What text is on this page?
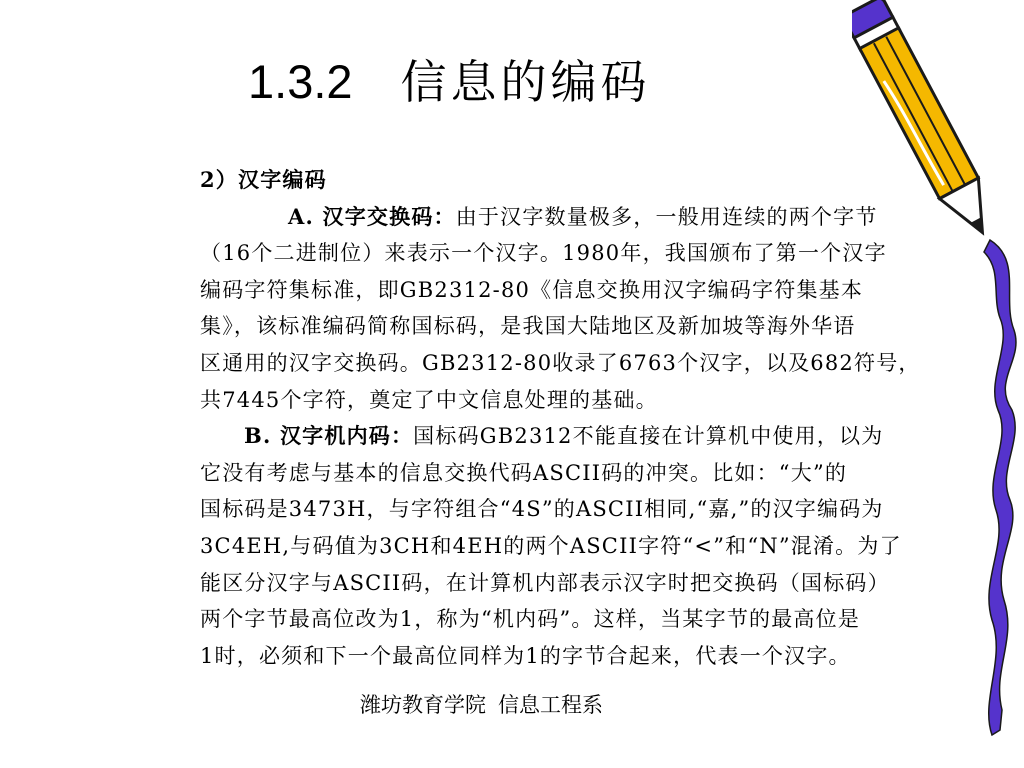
1.3.2 信息的编码
2）汉字编码
A. 汉字交换码：由于汉字数量极多，一般用连续的两个字节
（16个二进制位）来表示一个汉字。1980年，我国颁布了第一个汉字
编码字符集标准，即GB2312-80《信息交换用汉字编码字符集基本
集》，该标准编码简称国标码，是我国大陆地区及新加坡等海外华语
区通用的汉字交换码。GB2312-80收录了6763个汉字，以及682符号，
共7445个字符，奠定了中文信息处理的基础。
B. 汉字机内码：国标码GB2312不能直接在计算机中使用，以为
它没有考虑与基本的信息交换代码ASCII码的冲突。比如：“大”的
国标码是3473H，与字符组合“4S”的ASCII相同,“嘉,”的汉字编码为
3C4EH,与码值为3CH和4EH的两个ASCII字符“<”和“N”混淆。为了
能区分汉字与ASCII码，在计算机内部表示汉字时把交换码（国标码）
两个字节最高位改为1，称为“机内码”。这样，当某字节的最高位是
1时，必须和下一个最高位同样为1的字节合起来，代表一个汉字。
潍坊教育学院 信息工程系
